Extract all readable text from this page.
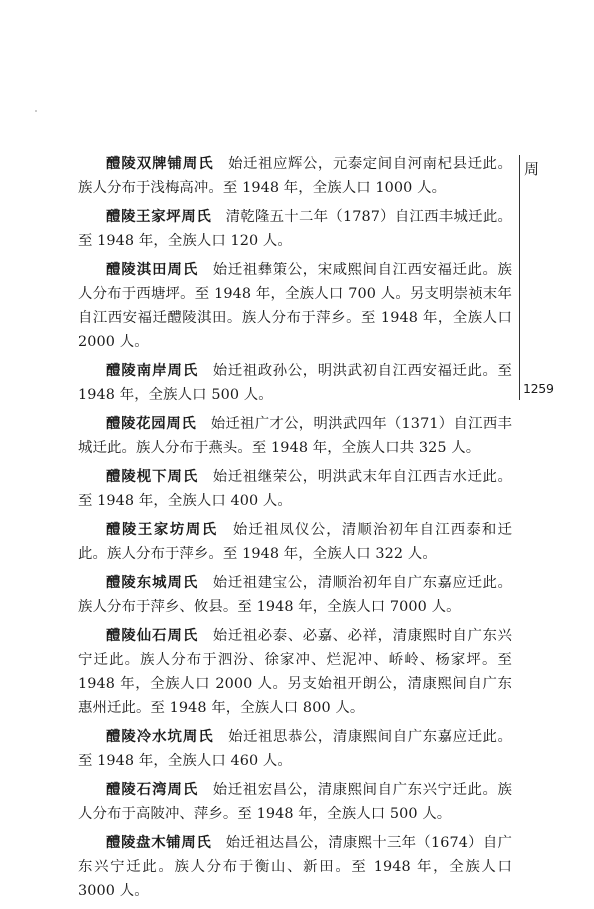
醴陵双牌铺周氏 始迁祖应辉公，元泰定间自河南杞县迁此。族人分布于浅梅高冲。至 1948 年，全族人口 1000 人。

醴陵王家坪周氏 清乾隆五十二年（1787）自江西丰城迁此。至 1948 年，全族人口 120 人。

醴陵淇田周氏 始迁祖彝策公，宋咸熙间自江西安福迁此。族人分布于西塘坪。至 1948 年，全族人口 700 人。另支明崇祯末年自江西安福迁醴陵淇田。族人分布于萍乡。至 1948 年，全族人口 2000 人。

醴陵南岸周氏 始迁祖政孙公，明洪武初自江西安福迁此。至 1948 年，全族人口 500 人。

醴陵花园周氏 始迁祖广才公，明洪武四年（1371）自江西丰城迁此。族人分布于燕头。至 1948 年，全族人口共 325 人。

醴陵枧下周氏 始迁祖继荣公，明洪武末年自江西吉水迁此。至 1948 年，全族人口 400 人。

醴陵王家坊周氏 始迁祖凤仪公，清顺治初年自江西泰和迁此。族人分布于萍乡。至 1948 年，全族人口 322 人。

醴陵东城周氏 始迁祖建宝公，清顺治初年自广东嘉应迁此。族人分布于萍乡、攸县。至 1948 年，全族人口 7000 人。

醴陵仙石周氏 始迁祖必泰、必嘉、必祥，清康熙时自广东兴宁迁此。族人分布于泗汾、徐家冲、烂泥冲、峤岭、杨家坪。至 1948 年，全族人口 2000 人。另支始祖开朗公，清康熙间自广东惠州迁此。至 1948 年，全族人口 800 人。

醴陵冷水坑周氏 始迁祖思恭公，清康熙间自广东嘉应迁此。至 1948 年，全族人口 460 人。

醴陵石湾周氏 始迁祖宏昌公，清康熙间自广东兴宁迁此。族人分布于高陂冲、萍乡。至 1948 年，全族人口 500 人。

醴陵盘木铺周氏 始迁祖达昌公，清康熙十三年（1674）自广东兴宁迁此。族人分布于衡山、新田。至 1948 年，全族人口 3000 人。

周
1259
